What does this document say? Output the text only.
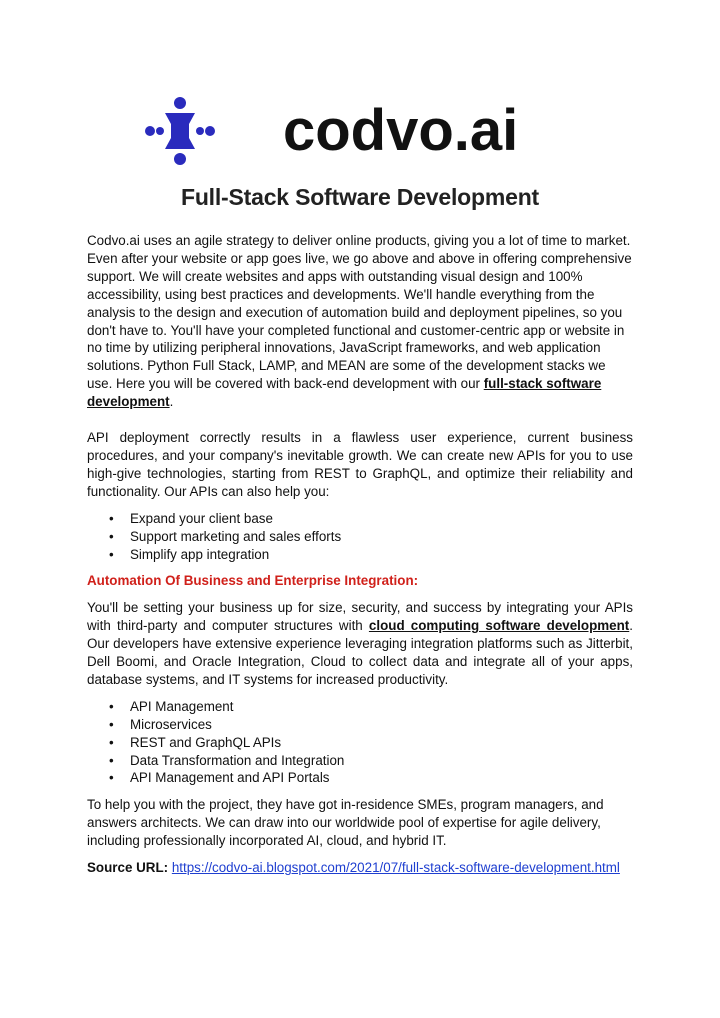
codvo.ai
Full-Stack Software Development

Codvo.ai uses an agile strategy to deliver online products, giving you a lot of time to market. Even after your website or app goes live, we go above and above in offering comprehensive support. We will create websites and apps with outstanding visual design and 100% accessibility, using best practices and developments. We'll handle everything from the analysis to the design and execution of automation build and deployment pipelines, so you don't have to. You'll have your completed functional and customer-centric app or website in no time by utilizing peripheral innovations, JavaScript frameworks, and web application solutions. Python Full Stack, LAMP, and MEAN are some of the development stacks we use. Here you will be covered with back-end development with our full-stack software development.

API deployment correctly results in a flawless user experience, current business procedures, and your company's inevitable growth. We can create new APIs for you to use high-give technologies, starting from REST to GraphQL, and optimize their reliability and functionality. Our APIs can also help you:

• Expand your client base
• Support marketing and sales efforts
• Simplify app integration

Automation Of Business and Enterprise Integration:

You'll be setting your business up for size, security, and success by integrating your APIs with third-party and computer structures with cloud computing software development. Our developers have extensive experience leveraging integration platforms such as Jitterbit, Dell Boomi, and Oracle Integration, Cloud to collect data and integrate all of your apps, database systems, and IT systems for increased productivity.

• API Management
• Microservices
• REST and GraphQL APIs
• Data Transformation and Integration
• API Management and API Portals

To help you with the project, they have got in-residence SMEs, program managers, and answers architects. We can draw into our worldwide pool of expertise for agile delivery, including professionally incorporated AI, cloud, and hybrid IT.

Source URL: https://codvo-ai.blogspot.com/2021/07/full-stack-software-development.html
